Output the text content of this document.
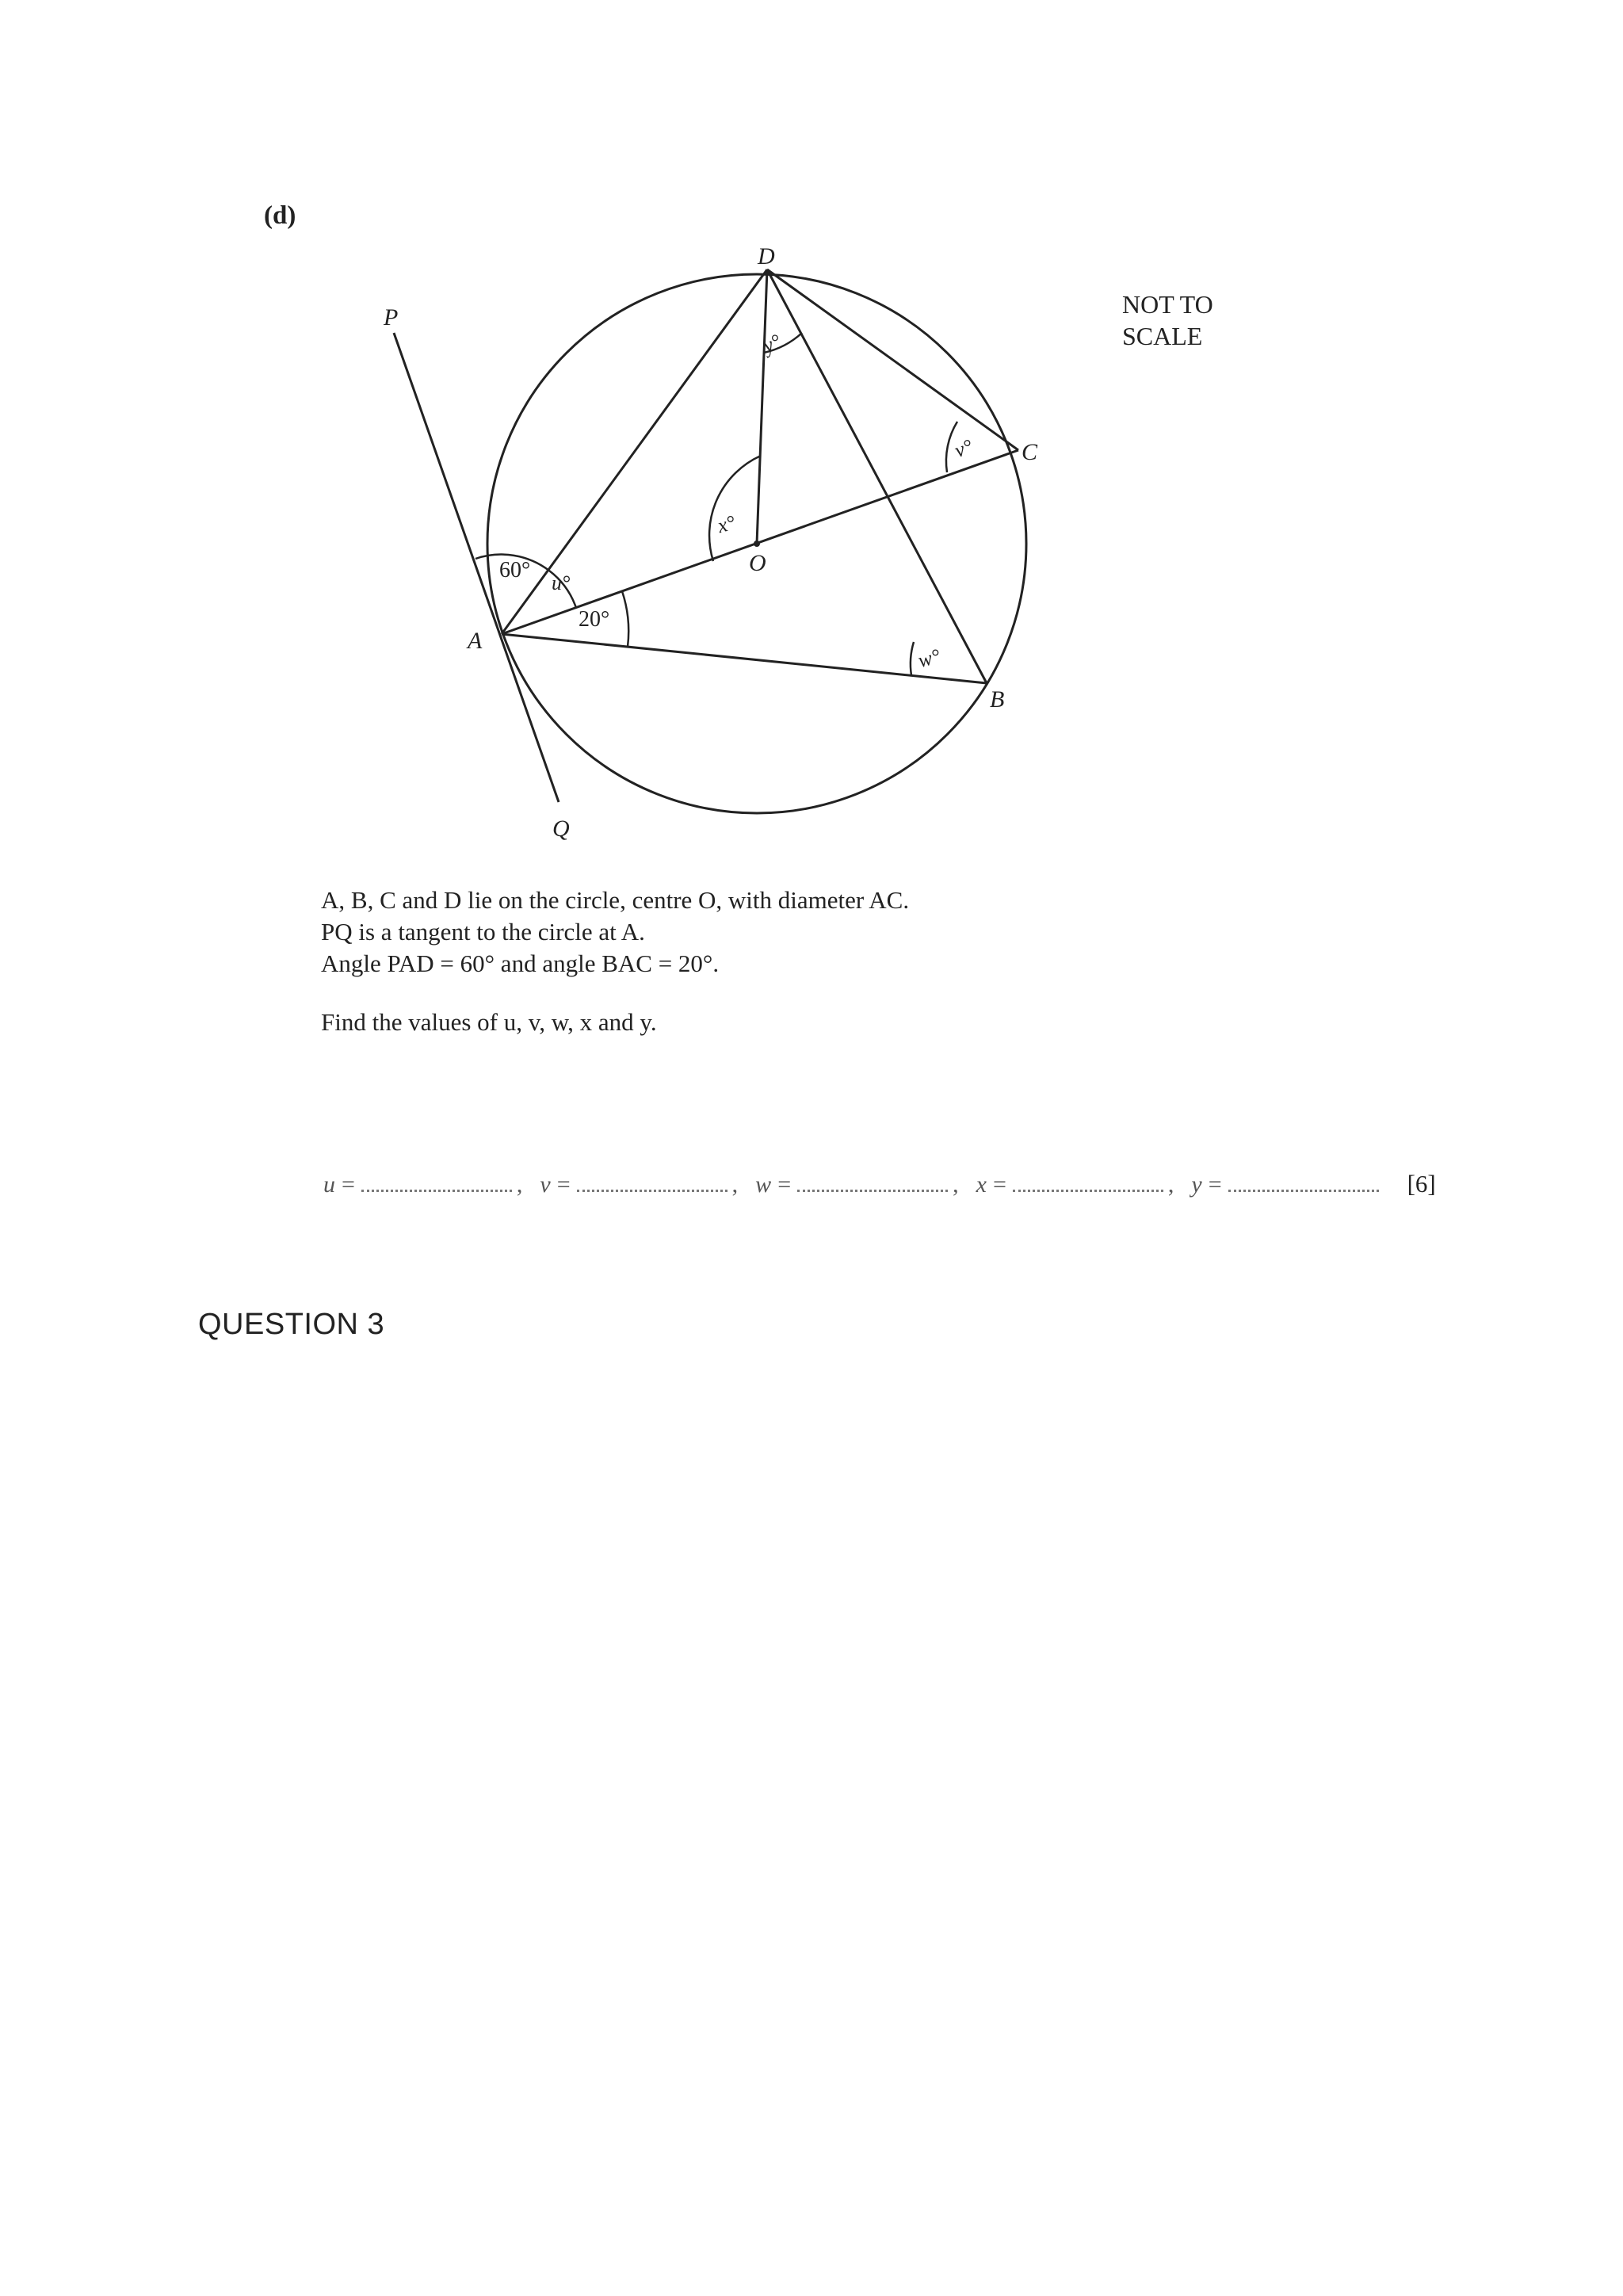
(d)
P
Q
A
B
C
D
O
60°
20°
u°
v°
w°
x°
y°
NOT TO
SCALE
A, B, C and D lie on the circle, centre O, with diameter AC.
PQ is a tangent to the circle at A.
Angle PAD = 60° and angle BAC = 20°.
Find the values of u, v, w, x and y.
u =	, v =	, w =	, x =	, y =	[6]
QUESTION 3
